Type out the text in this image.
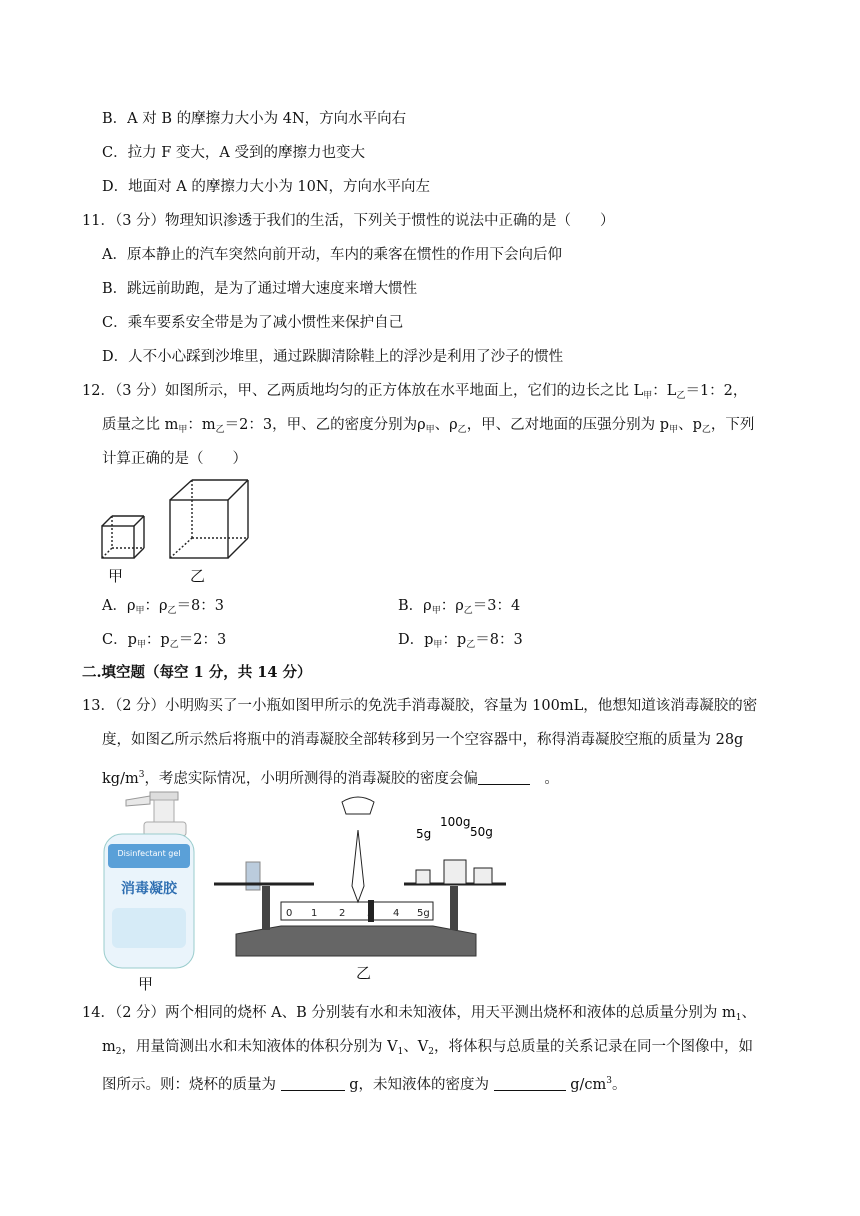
B．A 对 B 的摩擦力大小为 4N，方向水平向右
C．拉力 F 变大，A 受到的摩擦力也变大
D．地面对 A 的摩擦力大小为 10N，方向水平向左
11．（3 分）物理知识渗透于我们的生活，下列关于惯性的说法中正确的是（　　）
A．原本静止的汽车突然向前开动，车内的乘客在惯性的作用下会向后仰
B．跳远前助跑，是为了通过增大速度来增大惯性
C．乘车要系安全带是为了减小惯性来保护自己
D．人不小心踩到沙堆里，通过跺脚清除鞋上的浮沙是利用了沙子的惯性
12．（3 分）如图所示，甲、乙两质地均匀的正方体放在水平地面上，它们的边长之比 $L_甲$：$L_乙=1$：2，
质量之比 $m_甲$：$m_乙=2$：3，甲、乙的密度分别为$\rho_甲$、$\rho_乙$，甲、乙对地面的压强分别为 $p_甲$、$p_乙$，下列
计算正确的是（　　）
甲	乙
A．$\rho_甲$：$\rho_乙=8$：3	B．$\rho_甲$：$\rho_乙=3$：4
C．$p_甲$：$p_乙=2$：3	D．$p_甲$：$p_乙=8$：3
二.填空题（每空 1 分，共 14 分）
13．（2 分）小明购买了一小瓶如图甲所示的免洗手消毒凝胶，容量为 100mL，他想知道该消毒凝胶的密
度，如图乙所示然后将瓶中的消毒凝胶全部转移到另一个空容器中，称得消毒凝胶空瓶的质量为 28g
$kg/m^3$，考虑实际情况，小明所测得的消毒凝胶的密度会偏	　。
Disinfectant gel
消毒凝胶
0 1 2	4 5g
5g
100g
50g
甲
乙
14．（2 分）两个相同的烧杯 A、B 分别装有水和未知液体，用天平测出烧杯和液体的总质量分别为 $m_1$、
$m_2$，用量筒测出水和未知液体的体积分别为 $V_1$、$V_2$，将体积与总质量的关系记录在同一个图像中，如
图所示。则：烧杯的质量为	g，未知液体的密度为	$g/cm^3$。
